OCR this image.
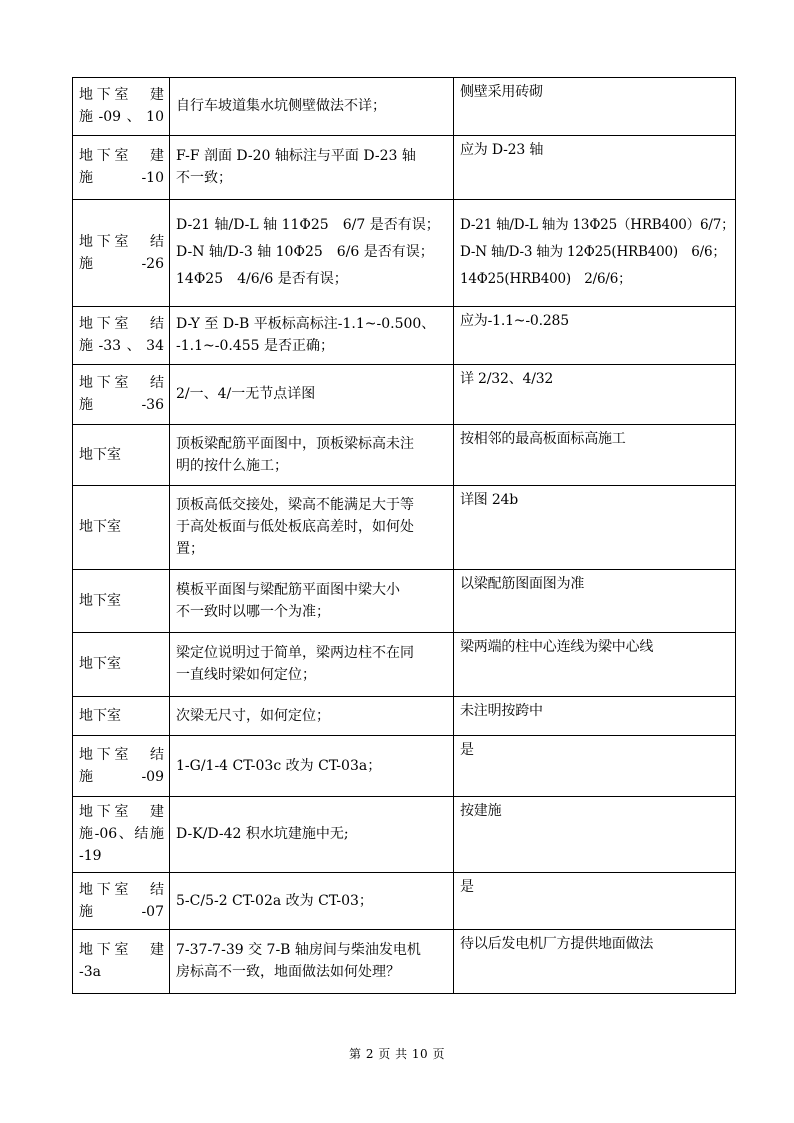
地下室　建
施-09、10	自行车坡道集水坑侧壁做法不详；	侧壁采用砖砌

地下室　建
施-10	F-F 剖面 D-20 轴标注与平面 D-23 轴
不一致；	应为 D-23 轴

地下室　结
施-26	D-21 轴/D-L 轴 11Φ25　6/7 是否有误；
D-N 轴/D-3 轴 10Φ25　6/6 是否有误；
14Φ25　4/6/6 是否有误；	D-21 轴/D-L 轴为 13Φ25（HRB400）6/7；
D-N 轴/D-3 轴为 12Φ25(HRB400)　6/6；
14Φ25(HRB400)　2/6/6；

地下室　结
施-33、34	D-Y 至 D-B 平板标高标注-1.1~-0.500、
-1.1~-0.455 是否正确；	应为-1.1~-0.285

地下室　结
施-36	2/一、4/一无节点详图	详 2/32、4/32

地下室	顶板梁配筋平面图中，顶板梁标高未注
明的按什么施工；	按相邻的最高板面标高施工

地下室	顶板高低交接处，梁高不能满足大于等
于高处板面与低处板底高差时，如何处
置；	详图 24b

地下室	模板平面图与梁配筋平面图中梁大小
不一致时以哪一个为准；	以梁配筋图面图为准

地下室	梁定位说明过于简单，梁两边柱不在同
一直线时梁如何定位；	梁两端的柱中心连线为梁中心线

地下室	次梁无尺寸，如何定位；	未注明按跨中

地下室　结
施-09	1-G/1-4 CT-03c 改为 CT-03a；	是

地下室　建
施-06、结施
-19	D-K/D-42 积水坑建施中无;	按建施

地下室　结
施-07	5-C/5-2 CT-02a 改为 CT-03；	是

地下室　建
-3a	7-37-7-39 交 7-B 轴房间与柴油发电机
房标高不一致，地面做法如何处理？	待以后发电机厂方提供地面做法
第 2 页 共 10 页
